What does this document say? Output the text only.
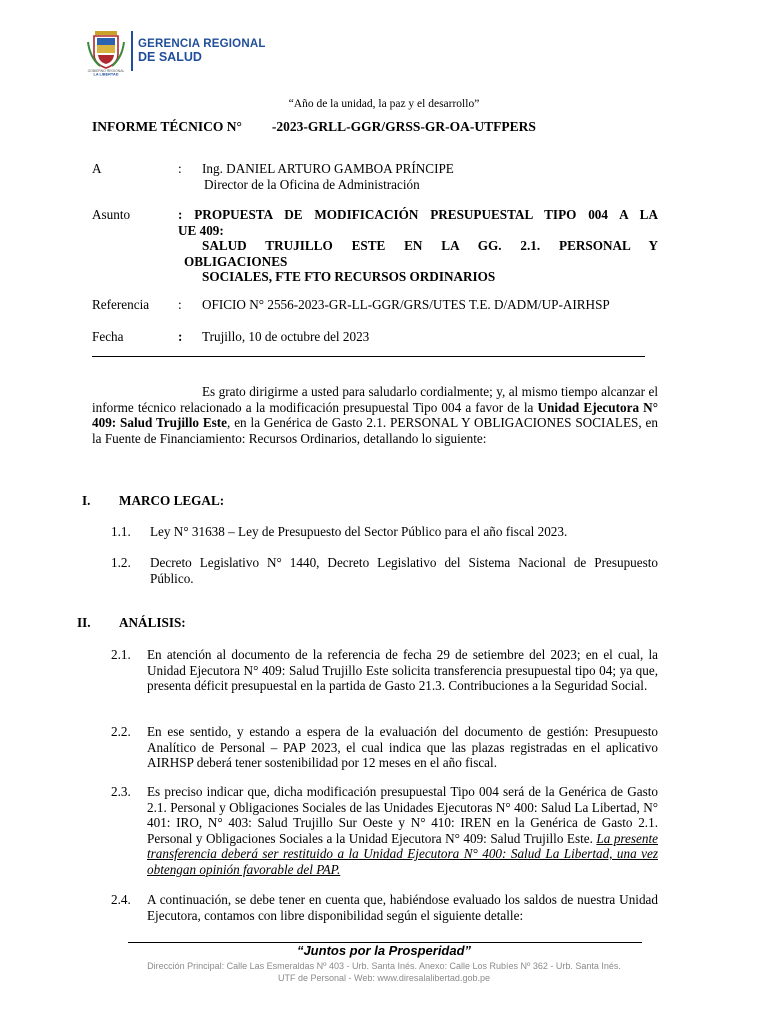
GOBIERNO REGIONAL
LA LIBERTAD
GERENCIA REGIONAL
DE SALUD
“Año de la unidad, la paz y el desarrollo”
INFORME TÉCNICO N° -2023-GRLL-GGR/GRSS-GR-OA-UTFPERS
A	: Ing. DANIEL ARTURO GAMBOA PRÍNCIPE
Director de la Oficina de Administración
Asunto	: PROPUESTA DE MODIFICACIÓN PRESUPUESTAL TIPO 004 A LA
UE 409:
SALUD TRUJILLO ESTE EN LA GG. 2.1. PERSONAL Y
OBLIGACIONES
SOCIALES, FTE FTO RECURSOS ORDINARIOS
Referencia : OFICIO N° 2556-2023-GR-LL-GGR/GRS/UTES T.E. D/ADM/UP-AIRHSP
Fecha	: Trujillo, 10 de octubre del 2023

Es grato dirigirme a usted para saludarlo cordialmente; y, al mismo tiempo alcanzar el informe técnico relacionado a la modificación presupuestal Tipo 004 a favor de la Unidad Ejecutora N° 409: Salud Trujillo Este, en la Genérica de Gasto 2.1. PERSONAL Y OBLIGACIONES SOCIALES, en la Fuente de Financiamiento: Recursos Ordinarios, detallando lo siguiente:

I. MARCO LEGAL:
1.1. Ley N° 31638 – Ley de Presupuesto del Sector Público para el año fiscal 2023.
1.2. Decreto Legislativo N° 1440, Decreto Legislativo del Sistema Nacional de Presupuesto Público.
II. ANÁLISIS:
2.1. En atención al documento de la referencia de fecha 29 de setiembre del 2023; en el cual, la Unidad Ejecutora N° 409: Salud Trujillo Este solicita transferencia presupuestal tipo 04; ya que, presenta déficit presupuestal en la partida de Gasto 21.3. Contribuciones a la Seguridad Social.
2.2. En ese sentido, y estando a espera de la evaluación del documento de gestión: Presupuesto Analítico de Personal – PAP 2023, el cual indica que las plazas registradas en el aplicativo AIRHSP deberá tener sostenibilidad por 12 meses en el año fiscal.
2.3. Es preciso indicar que, dicha modificación presupuestal Tipo 004 será de la Genérica de Gasto 2.1. Personal y Obligaciones Sociales de las Unidades Ejecutoras N° 400: Salud La Libertad, N° 401: IRO, N° 403: Salud Trujillo Sur Oeste y N° 410: IREN en la Genérica de Gasto 2.1. Personal y Obligaciones Sociales a la Unidad Ejecutora N° 409: Salud Trujillo Este. La presente transferencia deberá ser restituido a la Unidad Ejecutora N° 400: Salud La Libertad, una vez obtengan opinión favorable del PAP.
2.4. A continuación, se debe tener en cuenta que, habiéndose evaluado los saldos de nuestra Unidad Ejecutora, contamos con libre disponibilidad según el siguiente detalle:
“Juntos por la Prosperidad”
Dirección Principal: Calle Las Esmeraldas Nº 403 - Urb. Santa Inés. Anexo: Calle Los Rubíes Nº 362 - Urb. Santa Inés.
UTF de Personal - Web: www.diresalalibertad.gob.pe
